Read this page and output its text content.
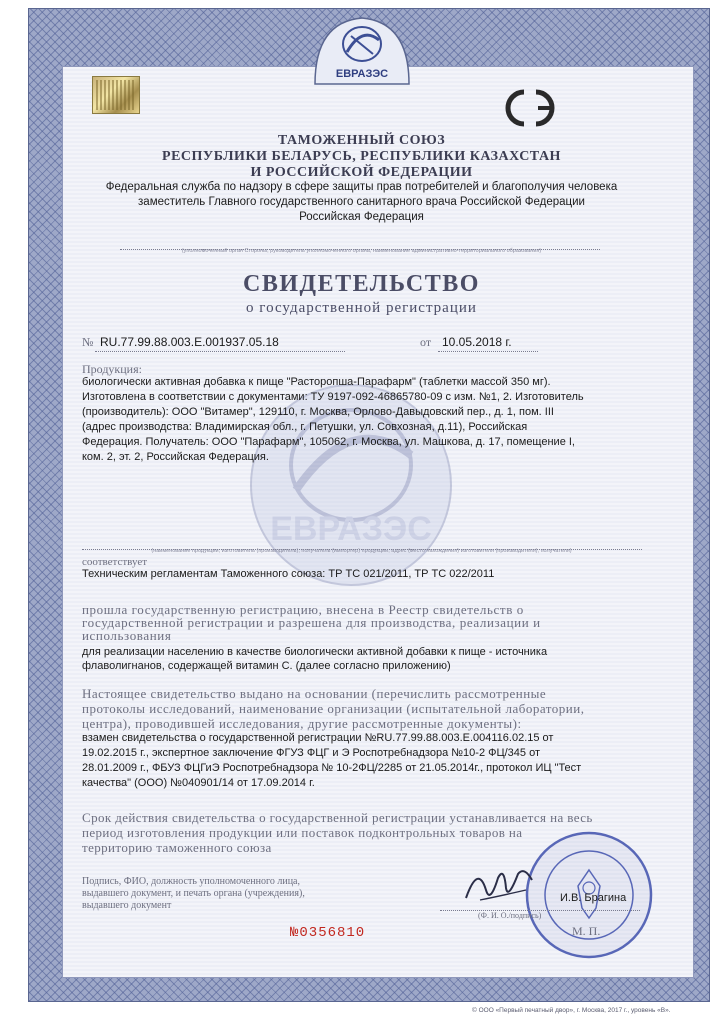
ЕВРАЗЭС
ЕВРАЗЭС
ТАМОЖЕННЫЙ СОЮЗ
РЕСПУБЛИКИ БЕЛАРУСЬ, РЕСПУБЛИКИ КАЗАХСТАН
И РОССИЙСКОЙ ФЕДЕРАЦИИ
Федеральная служба по надзору в сфере защиты прав потребителей и благополучия человека
заместитель Главного государственного санитарного врача Российской Федерации
Российская Федерация
(уполномоченный орган Стороны, руководитель уполномоченного органа, наименование административно-территориального образования)
СВИДЕТЕЛЬСТВО
о государственной регистрации
№ RU.77.99.88.003.Е.001937.05.18	от 10.05.2018 г.
Продукция:
биологически активная добавка к пище "Расторопша-Парафарм" (таблетки массой 350 мг).
Изготовлена в соответствии с документами: ТУ 9197-092-46865780-09 с изм. №1, 2. Изготовитель
(производитель): ООО "Витамер", 129110, г. Москва, Орлово-Давыдовский пер., д. 1, пом. III
(адрес производства: Владимирская обл., г. Петушки, ул. Совхозная, д.11), Российская
Федерация. Получатель: ООО "Парафарм", 105062, г. Москва, ул. Машкова, д. 17, помещение I,
ком. 2, эт. 2, Российская Федерация.
(наименование продукции, изготовитель (производитель), получатель (импортер) продукции, адрес (место нахождения) изготовителя (производителя), получателя)
соответствует
Техническим регламентам Таможенного союза: ТР ТС 021/2011, ТР ТС 022/2011
прошла государственную регистрацию, внесена в Реестр свидетельств о
государственной регистрации и разрешена для производства, реализации и
использования
для реализации населению в качестве биологически активной добавки к пище - источника
флаволигнанов, содержащей витамин С. (далее согласно приложению)
Настоящее свидетельство выдано на основании (перечислить рассмотренные
протоколы исследований, наименование организации (испытательной лаборатории,
центра), проводившей исследования, другие рассмотренные документы):
взамен свидетельства о государственной регистрации №RU.77.99.88.003.Е.004116.02.15 от
19.02.2015 г., экспертное заключение ФГУЗ ФЦГ и Э Роспотребнадзора №10-2 ФЦ/345 от
28.01.2009 г., ФБУЗ ФЦГиЭ Роспотребнадзора № 10-2ФЦ/2285 от 21.05.2014г., протокол ИЦ "Тест
качества" (ООО) №040901/14 от 17.09.2014 г.
Срок действия свидетельства о государственной регистрации устанавливается на весь
период изготовления продукции или поставок подконтрольных товаров на
территорию таможенного союза
Подпись, ФИО, должность уполномоченного лица,
выдавшего документ, и печать органа (учреждения),
выдавшего документ
И.В. Брагина
(Ф. И. О./подпись)
М. П.
№0356810
© ООО «Первый печатный двор», г. Москва, 2017 г., уровень «В».
